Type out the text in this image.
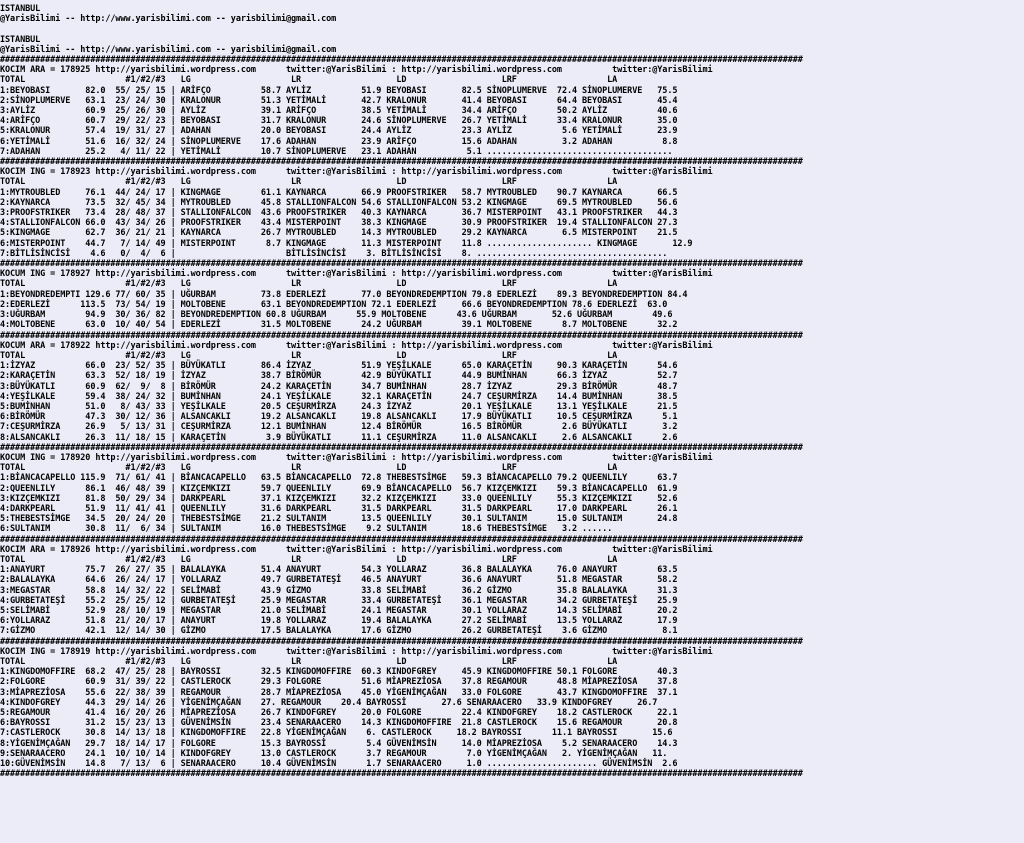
ISTANBUL
@YarisBilimi -- http://www.yarisbilimi.com -- yarisbilimi@gmail.com

ISTANBUL
@YarisBilimi -- http://www.yarisbilimi.com -- yarisbilimi@gmail.com
################################################################################################################################################################
KOCIM ARA = 178925 http://yarisbilimi.wordpress.com      twitter:@YarisBilimi : http://yarisbilimi.wordpress.com          twitter:@YarisBilimi
TOTAL                    #1/#2/#3   LG                    LR                   LD                   LRF                  LA
1:BEYOBASI       82.0  55/ 25/ 15 | ARİFÇO          58.7 AYLİZ          51.9 BEYOBASI       82.5 SİNOPLUMERVE  72.4 SİNOPLUMERVE   75.5
2:SİNOPLUMERVE   63.1  23/ 24/ 30 | KRALONUR        51.3 YETİMALİ       42.7 KRALONUR       41.4 BEYOBASI      64.4 BEYOBASI       45.4
3:AYLİZ          60.9  25/ 26/ 30 | AYLİZ           39.1 ARİFÇO         38.5 YETİMALİ       34.4 ARİFÇO        50.2 AYLİZ          40.6
4:ARİFÇO         60.7  29/ 22/ 23 | BEYOBASI        31.7 KRALONUR       24.6 SİNOPLUMERVE   26.7 YETİMALİ      33.4 KRALONUR       35.0
5:KRALONUR       57.4  19/ 31/ 27 | ADAHAN          20.0 BEYOBASI       24.4 AYLİZ          23.3 AYLİZ          5.6 YETİMALİ       23.9
6:YETİMALİ       51.6  16/ 32/ 24 | SİNOPLUMERVE    17.6 ADAHAN         23.9 ARİFÇO         15.6 ADAHAN         3.2 ADAHAN          8.8
7:ADAHAN         25.2   4/ 11/ 22 | YETİMALİ        10.7 SİNOPLUMERVE   23.1 ADAHAN          5.1 .....................................
################################################################################################################################################################
KOCIM ING = 178923 http://yarisbilimi.wordpress.com      twitter:@YarisBilimi : http://yarisbilimi.wordpress.com          twitter:@YarisBilimi
TOTAL                    #1/#2/#3   LG                    LR                   LD                   LRF                  LA
1:MYTROUBLED     76.1  44/ 24/ 17 | KINGMAGE        61.1 KAYNARCA       66.9 PROOFSTRIKER   58.7 MYTROUBLED    90.7 KAYNARCA       66.5
2:KAYNARCA       73.5  32/ 45/ 34 | MYTROUBLED      45.8 STALLIONFALCON 54.6 STALLIONFALCON 53.2 KINGMAGE      69.5 MYTROUBLED     56.6
3:PROOFSTRIKER   73.4  28/ 48/ 37 | STALLIONFALCON  43.6 PROOFSTRIKER   40.3 KAYNARCA       36.7 MISTERPOINT   43.1 PROOFSTRIKER   44.3
4:STALLIONFALCON 66.0  43/ 34/ 26 | PROOFSTRIKER    43.4 MISTERPOINT    38.3 KINGMAGE       30.9 PROOFSTRIKER  19.4 STALLIONFALCON 27.3
5:KINGMAGE       62.7  36/ 21/ 21 | KAYNARCA        26.7 MYTROUBLED     14.3 MYTROUBLED     29.2 KAYNARCA       6.5 MISTERPOINT    21.5
6:MISTERPOINT    44.7   7/ 14/ 49 | MISTERPOINT      8.7 KINGMAGE       11.3 MISTERPOINT    11.8 ..................... KINGMAGE       12.9
7:BİTLİSİNCİSİ    4.6   0/  4/  6 |                      BİTLİSİNCİSİ    3. BİTLİSİNCİSİ    8. ......................................
################################################################################################################################################################
KOCUM ING = 178927 http://yarisbilimi.wordpress.com      twitter:@YarisBilimi : http://yarisbilimi.wordpress.com          twitter:@YarisBilimi
TOTAL                    #1/#2/#3   LG                    LR                   LD                   LRF                  LA
1:BEYONDREDEMPTI 129.6 77/ 60/ 35 | UĞURBAM         73.8 EDERLEZİ       77.0 BEYONDREDEMPTION 79.8 EDERLEZİ    89.3 BEYONDREDEMPTION 84.4
2:EDERLEZİ      113.5  73/ 54/ 19 | MOLTOBENE       63.1 BEYONDREDEMPTION 72.1 EDERLEZİ     66.6 BEYONDREDEMPTION 78.6 EDERLEZİ  63.0
3:UĞURBAM        94.9  30/ 36/ 82 | BEYONDREDEMPTION 60.8 UĞURBAM      55.9 MOLTOBENE      43.6 UĞURBAM       52.6 UĞURBAM        49.6
4:MOLTOBENE      63.0  10/ 40/ 54 | EDERLEZİ        31.5 MOLTOBENE      24.2 UĞURBAM        39.1 MOLTOBENE      8.7 MOLTOBENE      32.2
################################################################################################################################################################
KOCUM ARA = 178922 http://yarisbilimi.wordpress.com      twitter:@YarisBilimi : http://yarisbilimi.wordpress.com          twitter:@YarisBilimi
TOTAL                    #1/#2/#3   LG                    LR                   LD                   LRF                  LA
1:İZYAZ          66.0  23/ 52/ 35 | BÜYÜKATLI       86.4 İZYAZ          51.9 YEŞİLKALE      65.0 KARAÇETİN     90.3 KARAÇETİN      54.6
2:KARAÇETİN      63.3  52/ 18/ 19 | İZYAZ           38.7 BİRÖMÜR        42.9 BÜYÜKATLI      44.9 BUMİNHAN      66.3 İZYAZ          52.7
3:BÜYÜKATLI      60.9  62/  9/  8 | BİRÖMÜR         24.2 KARAÇETİN      34.7 BUMİNHAN       28.7 İZYAZ         29.3 BİRÖMÜR        48.7
4:YEŞİLKALE      59.4  38/ 24/ 32 | BUMİNHAN        24.1 YEŞİLKALE      32.1 KARAÇETİN      24.7 CEŞURMİRZA    14.4 BUMİNHAN       38.5
5:BUMİNHAN       51.0   8/ 43/ 33 | YEŞİLKALE       20.5 CEŞURMİRZA     24.3 İZYAZ          20.1 YEŞİLKALE     13.1 YEŞİLKALE      21.5
6:BİRÖMÜR        47.3  30/ 12/ 36 | ALSANCAKLI      19.2 ALSANCAKLI     19.8 ALSANCAKLI     17.9 BÜYÜKATLI     10.5 CEŞURMİRZA      5.1
7:CEŞURMİRZA     26.9   5/ 13/ 31 | CEŞURMİRZA      12.1 BUMİNHAN       12.4 BİRÖMÜR        16.5 BİRÖMÜR        2.6 BÜYÜKATLI       3.2
8:ALSANCAKLI     26.3  11/ 18/ 15 | KARAÇETİN        3.9 BÜYÜKATLI      11.1 CEŞURMİRZA     11.0 ALSANCAKLI     2.6 ALSANCAKLI      2.6
################################################################################################################################################################
KOCUM ING = 178920 http://yarisbilimi.wordpress.com      twitter:@YarisBilimi : http://yarisbilimi.wordpress.com          twitter:@YarisBilimi
TOTAL                    #1/#2/#3   LG                    LR                   LD                   LRF                  LA
1:BİANCACAPELLO 115.9  71/ 61/ 41 | BİANCACAPELLO   63.5 BİANCACAPELLO  72.8 THEBESTSİMGE   59.3 BİANCACAPELLO 79.2 QUEENLILY      63.7
2:QUEENLILY      86.1  46/ 48/ 39 | KIZÇEMKIZI      59.7 QUEENLILY      69.9 BİANCACAPELLO  56.7 KIZÇEMKIZI    59.3 BİANCACAPELLO  61.9
3:KIZÇEMKIZI     81.8  50/ 29/ 34 | DARKPEARL       37.1 KIZÇEMKIZI     32.2 KIZÇEMKIZI     33.0 QUEENLILY     55.3 KIZÇEMKIZI     52.6
4:DARKPEARL      51.9  11/ 41/ 41 | QUEENLILY       31.6 DARKPEARL      31.5 DARKPEARL      31.5 DARKPEARL     17.0 DARKPEARL      26.1
5:THEBESTSİMGE   34.5  20/ 24/ 20 | THEBESTSİMGE    21.2 SULTANIM       13.5 QUEENLILY      30.1 SULTANIM      15.0 SULTANIM       24.8
6:SULTANIM       30.8  11/  6/ 34 | SULTANIM        16.0 THEBESTSİMGE    9.2 SULTANIM       18.6 THEBESTSİMGE   3.2 ......
################################################################################################################################################################
KOCIM ARA = 178926 http://yarisbilimi.wordpress.com      twitter:@YarisBilimi : http://yarisbilimi.wordpress.com          twitter:@YarisBilimi
TOTAL                    #1/#2/#3   LG                    LR                   LD                   LRF                  LA
1:ANAYURT        75.7  26/ 27/ 35 | BALALAYKA       51.4 ANAYURT        54.3 YOLLARAZ       36.8 BALALAYKA     76.0 ANAYURT        63.5
2:BALALAYKA      64.6  26/ 24/ 17 | YOLLARAZ        49.7 GURBETATEŞİ    46.5 ANAYURT        36.6 ANAYURT       51.8 MEGASTAR       58.2
3:MEGASTAR       58.8  14/ 32/ 22 | SELİMABİ        43.9 GİZMO          33.8 SELİMABİ       36.2 GİZMO         35.8 BALALAYKA      31.3
4:GURBETATEŞİ    55.2  25/ 25/ 12 | GURBETATEŞİ     25.9 MEGASTAR       33.4 GURBETATEŞİ    36.1 MEGASTAR      34.2 GURBETATEŞİ    25.9
5:SELİMABİ       52.9  28/ 10/ 19 | MEGASTAR        21.0 SELİMABİ       24.1 MEGASTAR       30.1 YOLLARAZ      14.3 SELİMABİ       20.2
6:YOLLARAZ       51.8  21/ 20/ 17 | ANAYURT         19.8 YOLLARAZ       19.4 BALALAYKA      27.2 SELİMABİ      13.5 YOLLARAZ       17.9
7:GİZMO          42.1  12/ 14/ 30 | GİZMO           17.5 BALALAYKA      17.6 GİZMO          26.2 GURBETATEŞİ    3.6 GİZMO           8.1
################################################################################################################################################################
KOCIM ING = 178919 http://yarisbilimi.wordpress.com      twitter:@YarisBilimi : http://yarisbilimi.wordpress.com          twitter:@YarisBilimi
TOTAL                    #1/#2/#3   LG                    LR                   LD                   LRF                  LA
1:KINGDOMOFFIRE  68.2  47/ 25/ 28 | BAYROSSI        32.5 KINGDOMOFFIRE  60.3 KINDOFGREY     45.9 KINGDOMOFFIRE 50.1 FOLGORE        40.3
2:FOLGORE        60.9  31/ 39/ 22 | CASTLEROCK      29.3 FOLGORE        51.6 MİAPREZİOSA    37.8 REGAMOUR      48.8 MİAPREZİOSA    37.8
3:MİAPREZİOSA    55.6  22/ 38/ 39 | REGAMOUR        28.7 MİAPREZİOSA    45.0 YİGENİMÇAĞAN   33.0 FOLGORE       43.7 KINGDOMOFFIRE  37.1
4:KINDOFGREY     44.3  29/ 14/ 26 | YİGENİMÇAĞAN    27. REGAMOUR    20.4 BAYROSSİ       27.6 SENARAACERO   33.9 KINDOFGREY     26.7
5:REGAMOUR       41.4  16/ 20/ 26 | MİAPREZİOSA     26.7 KINDOFGREY     20.0 FOLGORE        22.4 KINDOFGREY    18.2 CASTLEROCK     22.1
6:BAYROSSI       31.2  15/ 23/ 13 | GÜVENİMSİN      23.4 SENARAACERO    14.3 KINGDOMOFFIRE  21.8 CASTLEROCK    15.6 REGAMOUR       20.8
7:CASTLEROCK     30.8  14/ 13/ 18 | KINGDOMOFFIRE   22.8 YİGENİMÇAĞAN    6. CASTLEROCK     18.2 BAYROSSI      11.1 BAYROSSI       15.6
8:YİGENİMÇAĞAN   29.7  18/ 14/ 17 | FOLGORE         15.3 BAYROSSİ        5.4 GÜVENİMSİN     14.0 MİAPREZİOSA    5.2 SENARAACERO    14.3
9:SENARAACERO    24.1  10/ 10/ 14 | KINDOFGREY      13.0 CASTLEROCK      3.7 REGAMOUR        7.0 YİGENİMÇAĞAN   2. YİGENİMÇAĞAN   11.
10:GÜVENİMSİN    14.8   7/ 13/  6 | SENARAACERO     10.4 GÜVENİMSİN      1.7 SENARAACERO     1.0 ...................... GÜVENİMSİN  2.6
################################################################################################################################################################
